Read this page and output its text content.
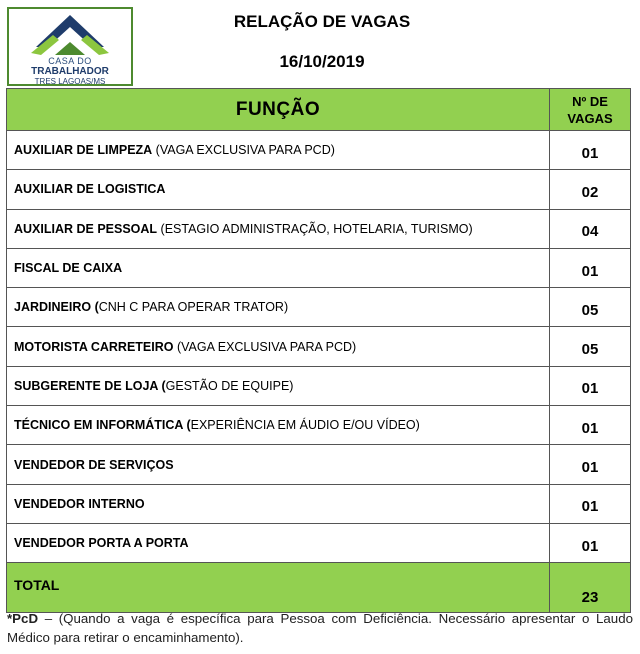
CASA DO
TRABALHADOR
TRES LAGOAS/MS
RELAÇÃO DE VAGAS
16/10/2019
FUNÇÃO	Nº DE
VAGAS
AUXILIAR DE LIMPEZA (VAGA EXCLUSIVA PARA PCD)	01
AUXILIAR DE LOGISTICA	02
AUXILIAR DE PESSOAL (ESTAGIO ADMINISTRAÇÃO, HOTELARIA, TURISMO)	04
FISCAL DE CAIXA	01
JARDINEIRO (CNH C PARA OPERAR TRATOR)	05
MOTORISTA CARRETEIRO (VAGA EXCLUSIVA PARA PCD)	05
SUBGERENTE DE LOJA (GESTÃO DE EQUIPE)	01
TÉCNICO EM INFORMÁTICA (EXPERIÊNCIA EM ÁUDIO E/OU VÍDEO)	01
VENDEDOR DE SERVIÇOS	01
VENDEDOR INTERNO	01
VENDEDOR PORTA A PORTA	01
TOTAL	23
*PcD – (Quando a vaga é específica para Pessoa com Deficiência. Necessário apresentar o Laudo Médico para retirar o encaminhamento).
